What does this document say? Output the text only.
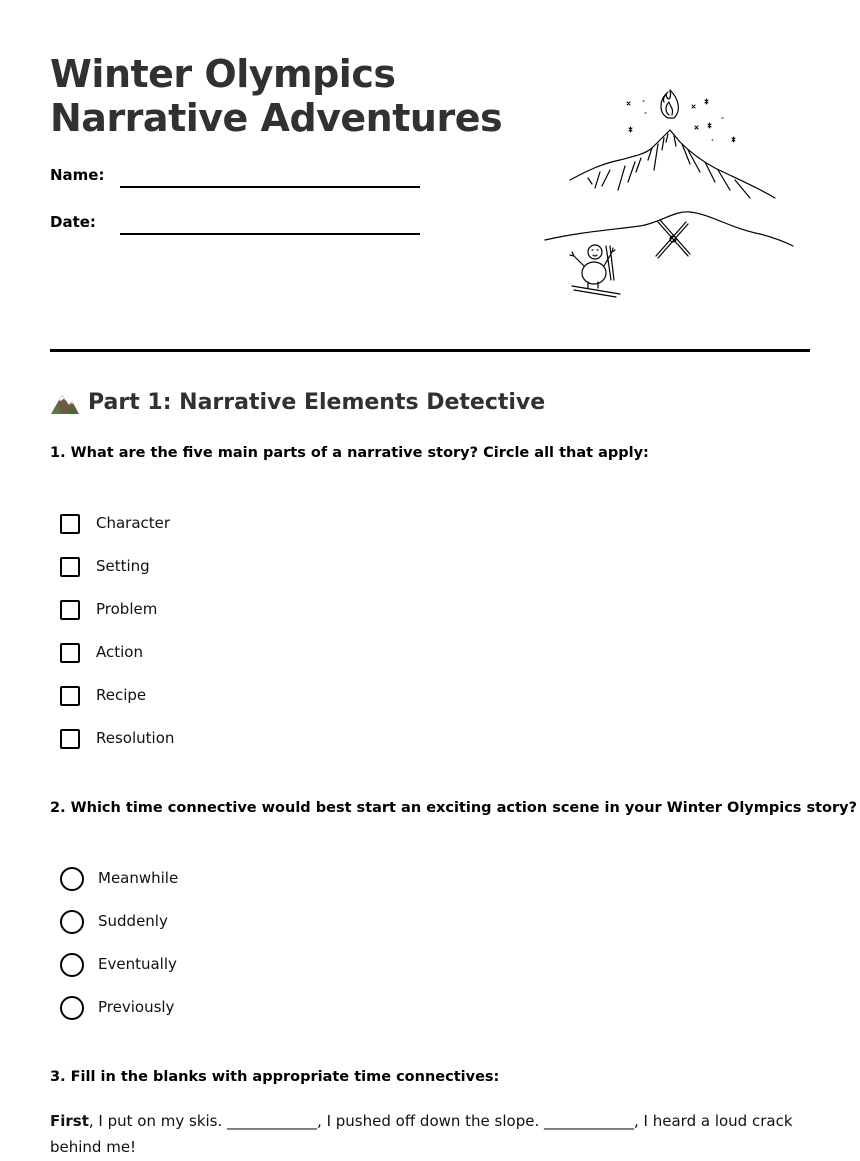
Winter Olympics
Narrative Adventures
Name:
Date:
Part 1: Narrative Elements Detective

1. What are the five main parts of a narrative story? Circle all that apply:

Character
Setting
Problem
Action
Recipe
Resolution

2. Which time connective would best start an exciting action scene in your Winter Olympics story?

Meanwhile
Suddenly
Eventually
Previously

3. Fill in the blanks with appropriate time connectives:

First, I put on my skis. ____________, I pushed off down the slope. ____________, I heard a loud crack behind me!
